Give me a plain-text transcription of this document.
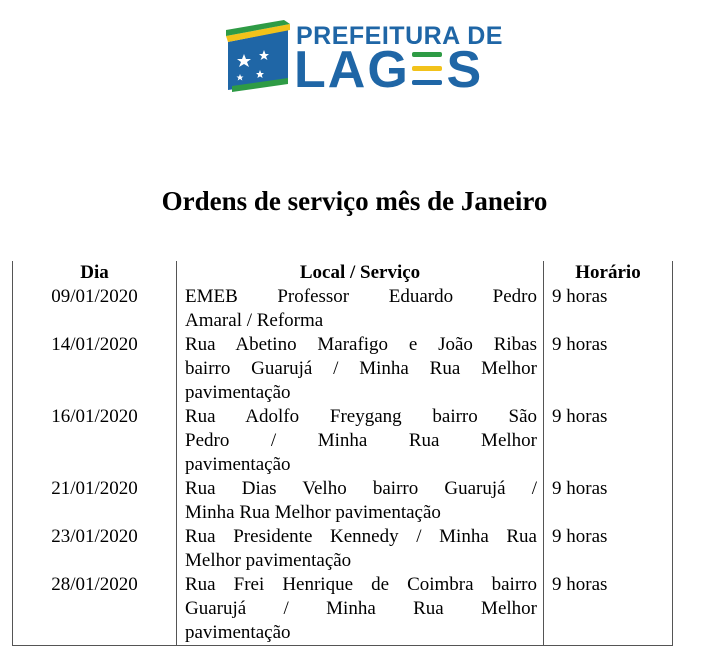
PREFEITURA DE
LAG S
Ordens de serviço mês de Janeiro
Dia	Local / Serviço	Horário
09/01/2020	EMEB Professor Eduardo Pedro
Amaral / Reforma	9 horas
14/01/2020	Rua Abetino Marafigo e João Ribas
bairro Guarujá / Minha Rua Melhor
pavimentação	9 horas
16/01/2020	Rua Adolfo Freygang bairro São
Pedro / Minha Rua Melhor
pavimentação	9 horas
21/01/2020	Rua Dias Velho bairro Guarujá /
Minha Rua Melhor pavimentação	9 horas
23/01/2020	Rua Presidente Kennedy / Minha Rua
Melhor pavimentação	9 horas
28/01/2020	Rua Frei Henrique de Coimbra bairro
Guarujá / Minha Rua Melhor
pavimentação	9 horas
